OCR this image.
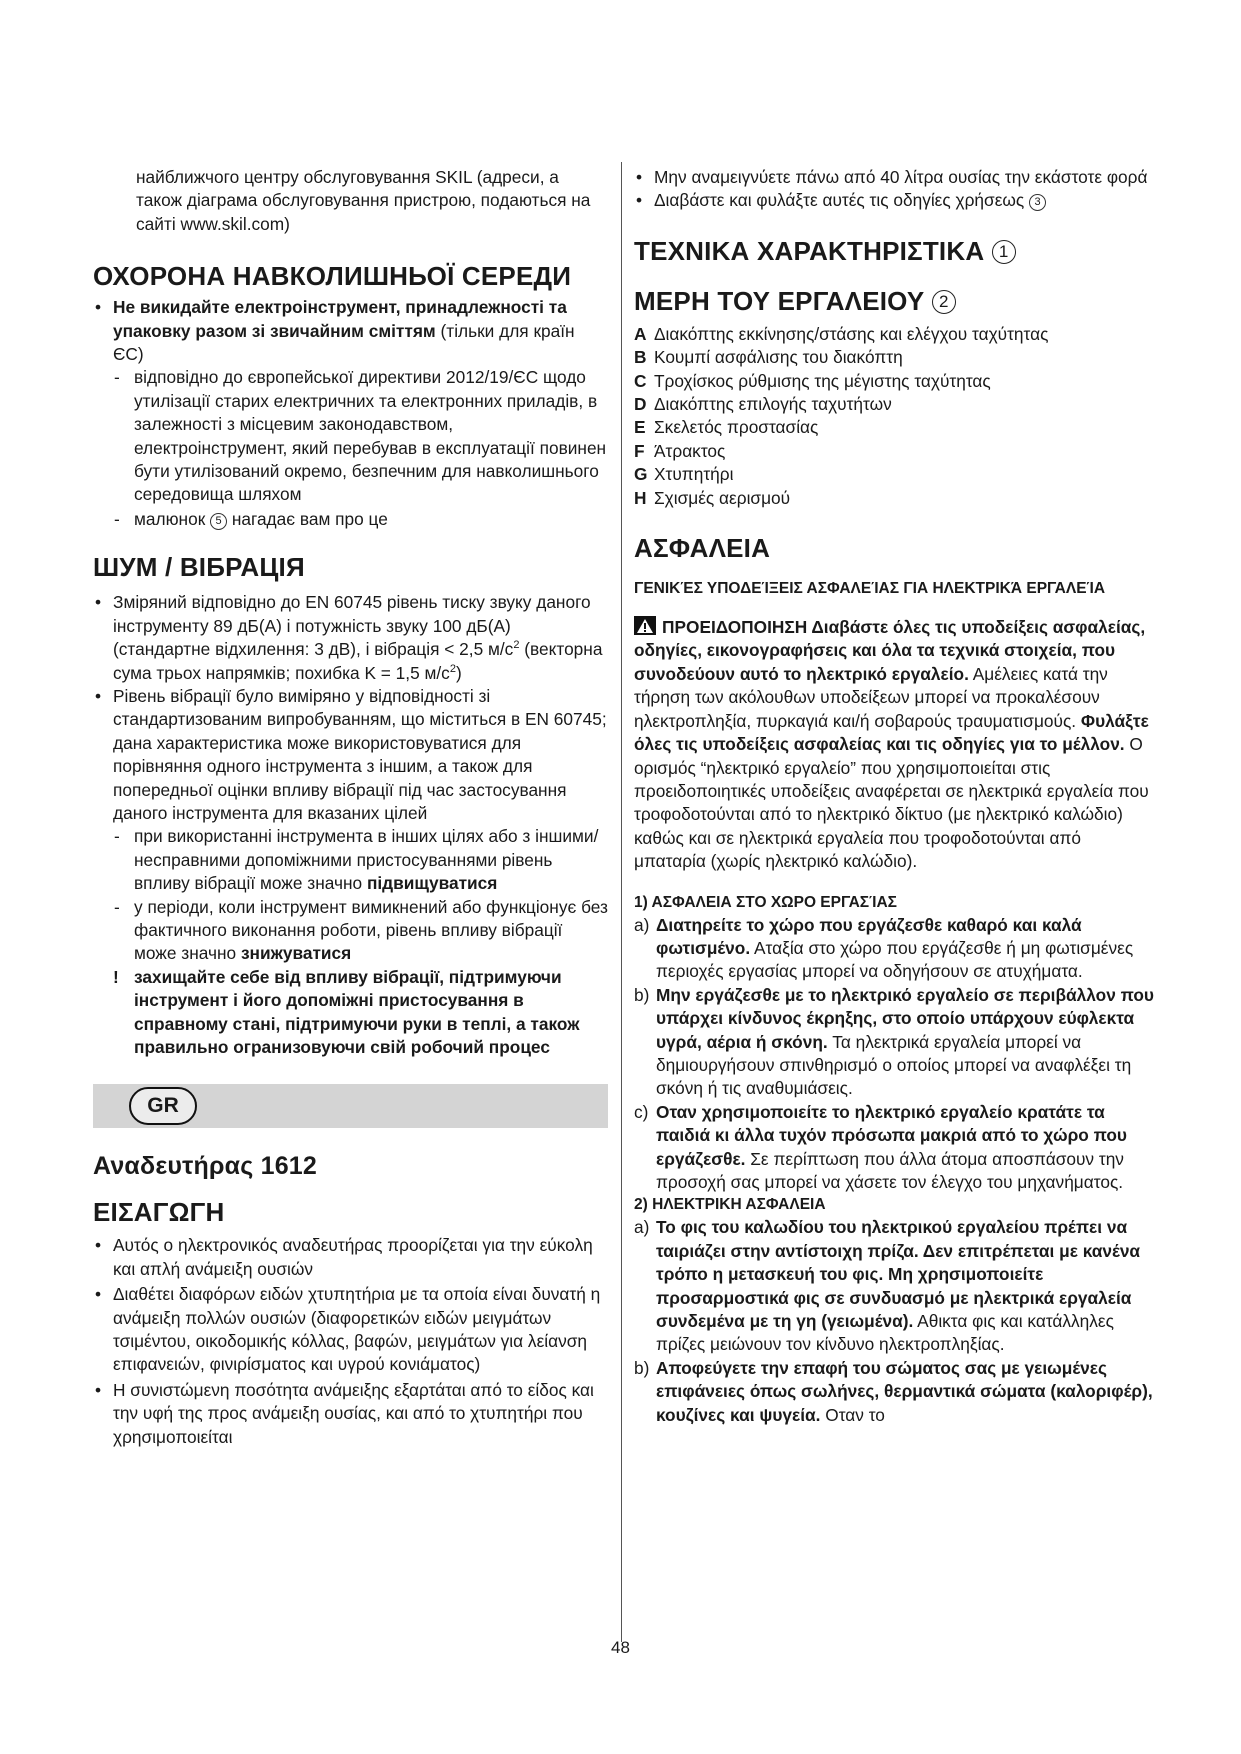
найближчого центру обслуговування SKIL (адреси, а також діаграма обслуговування пристрою, подаються на сайті www.skil.com)

ОХОРОНА НАВКОЛИШНЬОЇ СЕРЕДИ
• Не викидайте електроінструмент, принадлежності та упаковку разом зі звичайним сміттям (тільки для країн ЄС)
- відповідно до європейської директиви 2012/19/ЄС щодо утилізації старих електричних та електронних приладів, в залежності з місцевим законодавством, електроінструмент, який перебував в експлуатації повинен бути утилізований окремо, безпечним для навколишнього середовища шляхом
- малюнок 5 нагадає вам про це
ШУМ / ВІБРАЦІЯ
• Зміряний відповідно до EN 60745 рівень тиску звуку даного інструменту 89 дБ(A) і потужність звуку 100 дБ(A) (стандартне відхилення: 3 дB), і вібрація < 2,5 $м/с^2$ (векторна сума трьох напрямків; похибка K = 1,5 $м/с^2$)
• Рівень вібрації було виміряно у відповідності зі стандартизованим випробуванням, що міститься в EN 60745; дана характеристика може використовуватися для порівняння одного інструмента з іншим, а також для попередньої оцінки впливу вібрації під час застосування даного інструмента для вказаних цілей
- при використанні інструмента в інших цілях або з іншими/несправними допоміжними пристосуваннями рівень впливу вібрації може значно підвищуватися
- у періоди, коли інструмент вимикнений або функціонує без фактичного виконання роботи, рівень впливу вібрації може значно знижуватися
! захищайте себе від впливу вібрації, підтримуючи інструмент і його допоміжні пристосування в справному стані, підтримуючи руки в теплі, а також правильно огранизовуючи свій робочий процес
GR
Αναδευτήρας 1612
ΕΙΣΑΓΩΓΗ
• Αυτός ο ηλεκτρονικός αναδευτήρας προορίζεται για την εύκολη και απλή ανάμειξη ουσιών
• Διαθέτει διαφόρων ειδών χτυπητήρια με τα οποία είναι δυνατή η ανάμειξη πολλών ουσιών (διαφορετικών ειδών μειγμάτων τσιμέντου, οικοδομικής κόλλας, βαφών, μειγμάτων για λείανση επιφανειών, φινιρίσματος και υγρού κονιάματος)
• Η συνιστώμενη ποσότητα ανάμειξης εξαρτάται από το είδος και την υφή της προς ανάμειξη ουσίας, και από το χτυπητήρι που χρησιμοποιείται
• Μην αναμειγνύετε πάνω από 40 λίτρα ουσίας την εκάστοτε φορά
• Διαβάστε και φυλάξτε αυτές τις οδηγίες χρήσεως 3
ΤΕΧΝΙΚΑ ΧΑΡΑΚΤΗΡΙΣΤΙΚΑ 1
ΜΕΡΗ ΤΟΥ ΕΡΓΑΛΕΙΟΥ 2
A Διακόπτης εκκίνησης/στάσης και ελέγχου ταχύτητας
B Κουμπί ασφάλισης του διακόπτη
C Τροχίσκος ρύθμισης της μέγιστης ταχύτητας
D Διακόπτης επιλογής ταχυτήτων
E Σκελετός προστασίας
F Άτρακτος
G Χτυπητήρι
H Σχισμές αερισμού
ΑΣΦΑΛΕΙΑ

ΓΕΝΙΚΈΣ ΥΠΟΔΕΊΞΕΙΣ ΑΣΦΑΛΕΊΑΣ ΓΙΑ ΗΛΕΚΤΡΙΚΆ ΕΡΓΑΛΕΊΑ

ΠΡΟΕΙΔΟΠΟΙΗΣΗ Διαβάστε όλες τις υποδείξεις ασφαλείας, οδηγίες, εικονογραφήσεις και όλα τα τεχνικά στοιχεία, που συνοδεύουν αυτό το ηλεκτρικό εργαλείο. Αμέλειες κατά την τήρηση των ακόλουθων υποδείξεων μπορεί να προκαλέσουν ηλεκτροπληξία, πυρκαγιά και/ή σοβαρούς τραυματισμούς. Φυλάξτε όλες τις υποδείξεις ασφαλείας και τις οδηγίες για το μέλλον. Ο ορισμός “ηλεκτρικό εργαλείο” που χρησιμοποιείται στις προειδοποιητικές υποδείξεις αναφέρεται σε ηλεκτρικά εργαλεία που τροφοδοτούνται από το ηλεκτρικό δίκτυο (με ηλεκτρικό καλώδιο) καθώς και σε ηλεκτρικά εργαλεία που τροφοδοτούνται από μπαταρία (χωρίς ηλεκτρικό καλώδιο).

1) ΑΣΦΑΛΕΙΑ ΣΤΟ ΧΩΡΟ ΕΡΓΑΣΊΑΣ

a) Διατηρείτε το χώρο που εργάζεσθε καθαρό και καλά φωτισμένο. Αταξία στο χώρο που εργάζεσθε ή μη φωτισμένες περιοχές εργασίας μπορεί να οδηγήσουν σε ατυχήματα.
b) Μην εργάζεσθε με το ηλεκτρικό εργαλείο σε περιβάλλον που υπάρχει κίνδυνος έκρηξης, στο οποίο υπάρχουν εύφλεκτα υγρά, αέρια ή σκόνη. Τα ηλεκτρικά εργαλεία μπορεί να δημιουργήσουν σπινθηρισμό ο οποίος μπορεί να αναφλέξει τη σκόνη ή τις αναθυμιάσεις.
c) Οταν χρησιμοποιείτε το ηλεκτρικό εργαλείο κρατάτε τα παιδιά κι άλλα τυχόν πρόσωπα μακριά από το χώρο που εργάζεσθε. Σε περίπτωση που άλλα άτομα αποσπάσουν την προσοχή σας μπορεί να χάσετε τον έλεγχο του μηχανήματος.

2) ΗΛΕΚΤΡΙΚΗ ΑΣΦΑΛΕΙΑ

a) Το φις του καλωδίου του ηλεκτρικού εργαλείου πρέπει να ταιριάζει στην αντίστοιχη πρίζα. Δεν επιτρέπεται με κανένα τρόπο η μετασκευή του φις. Μη χρησιμοποιείτε προσαρμοστικά φις σε συνδυασμό με ηλεκτρικά εργαλεία συνδεμένα με τη γη (γειωμένα). Αθικτα φις και κατάλληλες πρίζες μειώνουν τον κίνδυνο ηλεκτροπληξίας.
b) Αποφεύγετε την επαφή του σώματος σας με γειωμένες επιφάνειες όπως σωλήνες, θερμαντικά σώματα (καλοριφέρ), κουζίνες και ψυγεία. Οταν το
48
